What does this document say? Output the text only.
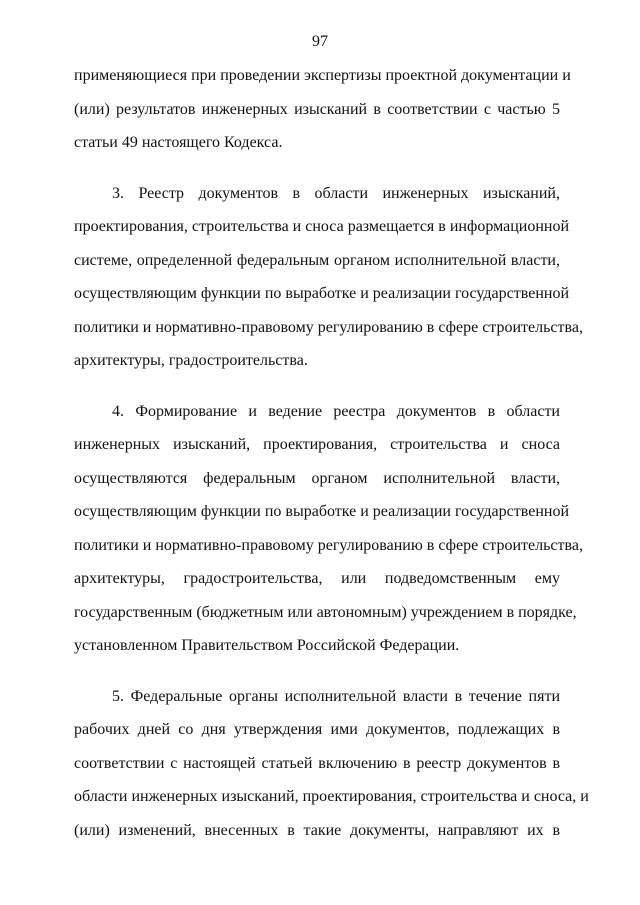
97
применяющиеся при проведении экспертизы проектной документации и
(или) результатов инженерных изысканий в соответствии с частью 5
статьи 49 настоящего Кодекса.
3. Реестр документов в области инженерных изысканий,
проектирования, строительства и сноса размещается в информационной
системе, определенной федеральным органом исполнительной власти,
осуществляющим функции по выработке и реализации государственной
политики и нормативно-правовому регулированию в сфере строительства,
архитектуры, градостроительства.
4. Формирование и ведение реестра документов в области
инженерных изысканий, проектирования, строительства и сноса
осуществляются федеральным органом исполнительной власти,
осуществляющим функции по выработке и реализации государственной
политики и нормативно-правовому регулированию в сфере строительства,
архитектуры, градостроительства, или подведомственным ему
государственным (бюджетным или автономным) учреждением в порядке,
установленном Правительством Российской Федерации.
5. Федеральные органы исполнительной власти в течение пяти
рабочих дней со дня утверждения ими документов, подлежащих в
соответствии с настоящей статьей включению в реестр документов в
области инженерных изысканий, проектирования, строительства и сноса, и
(или) изменений, внесенных в такие документы, направляют их в
